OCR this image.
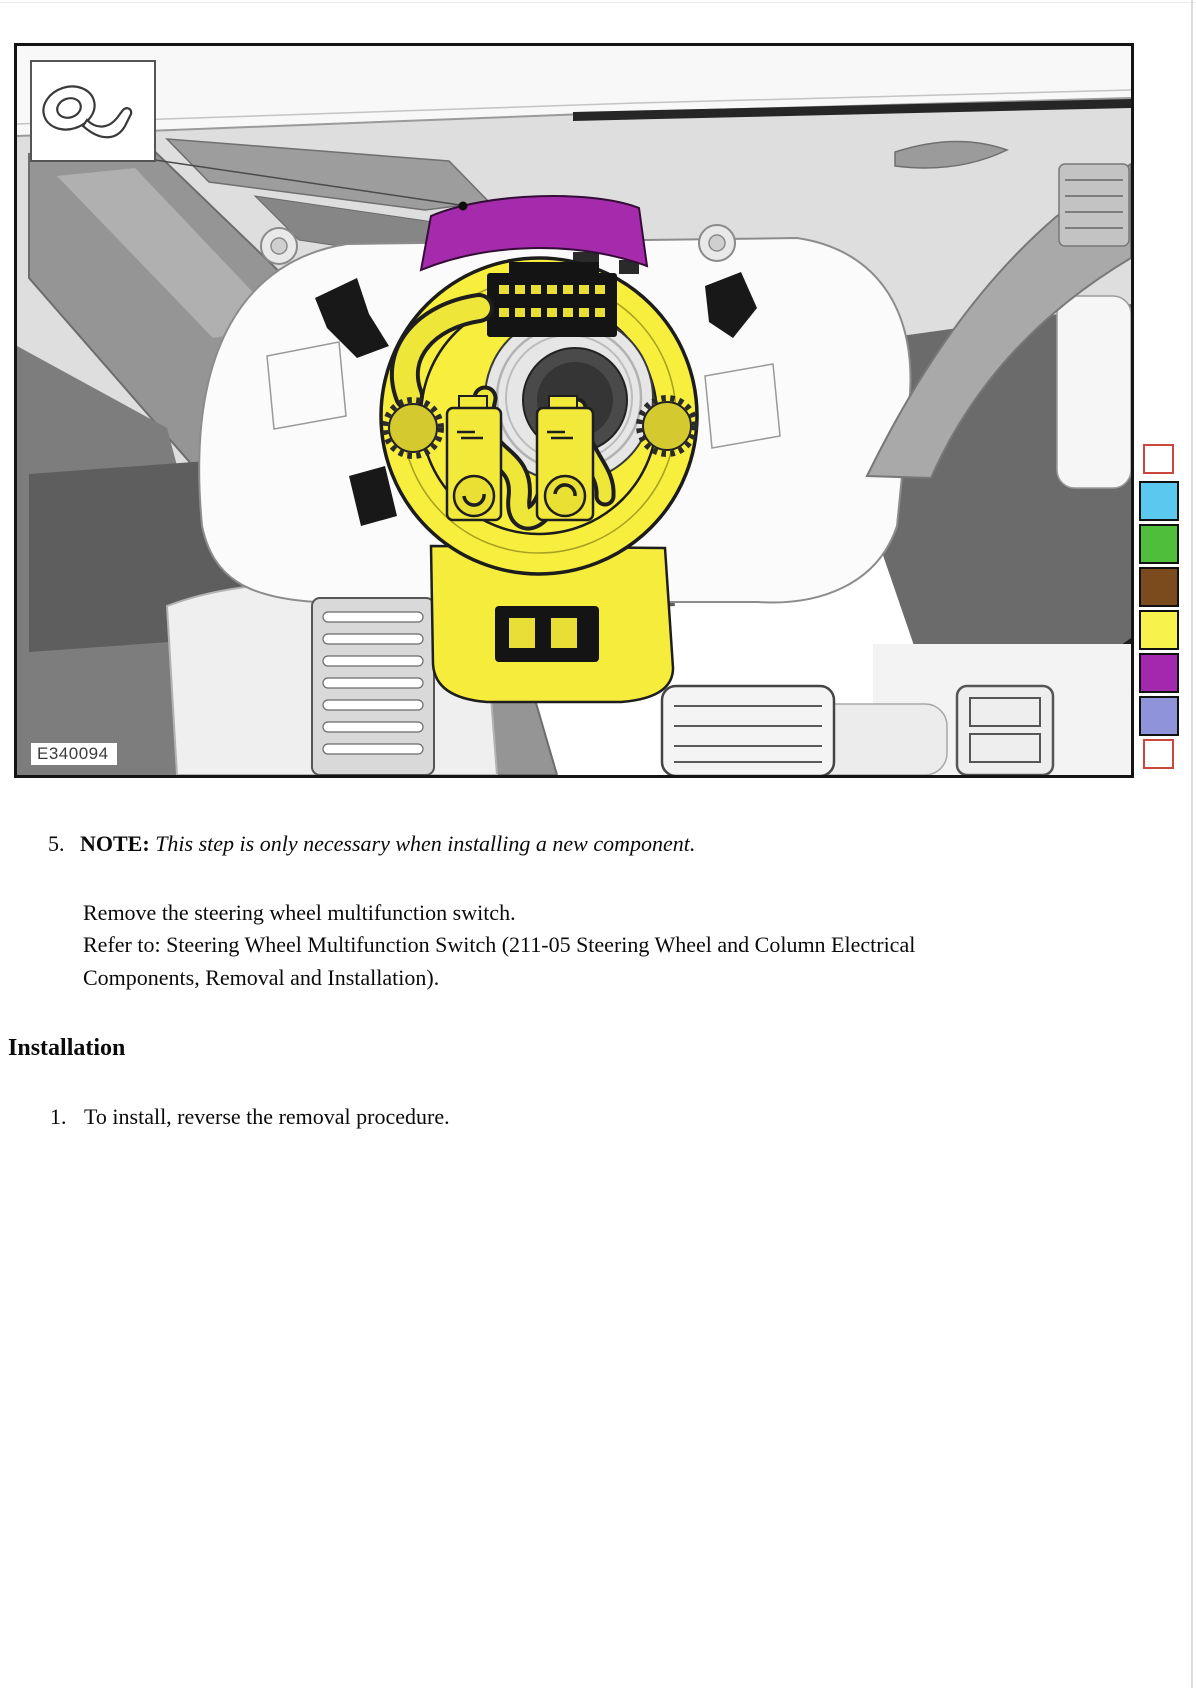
E340094
5. NOTE: This step is only necessary when installing a new component.
Remove the steering wheel multifunction switch.
Refer to: Steering Wheel Multifunction Switch (211-05 Steering Wheel and Column Electrical
Components, Removal and Installation).
Installation
1. To install, reverse the removal procedure.
